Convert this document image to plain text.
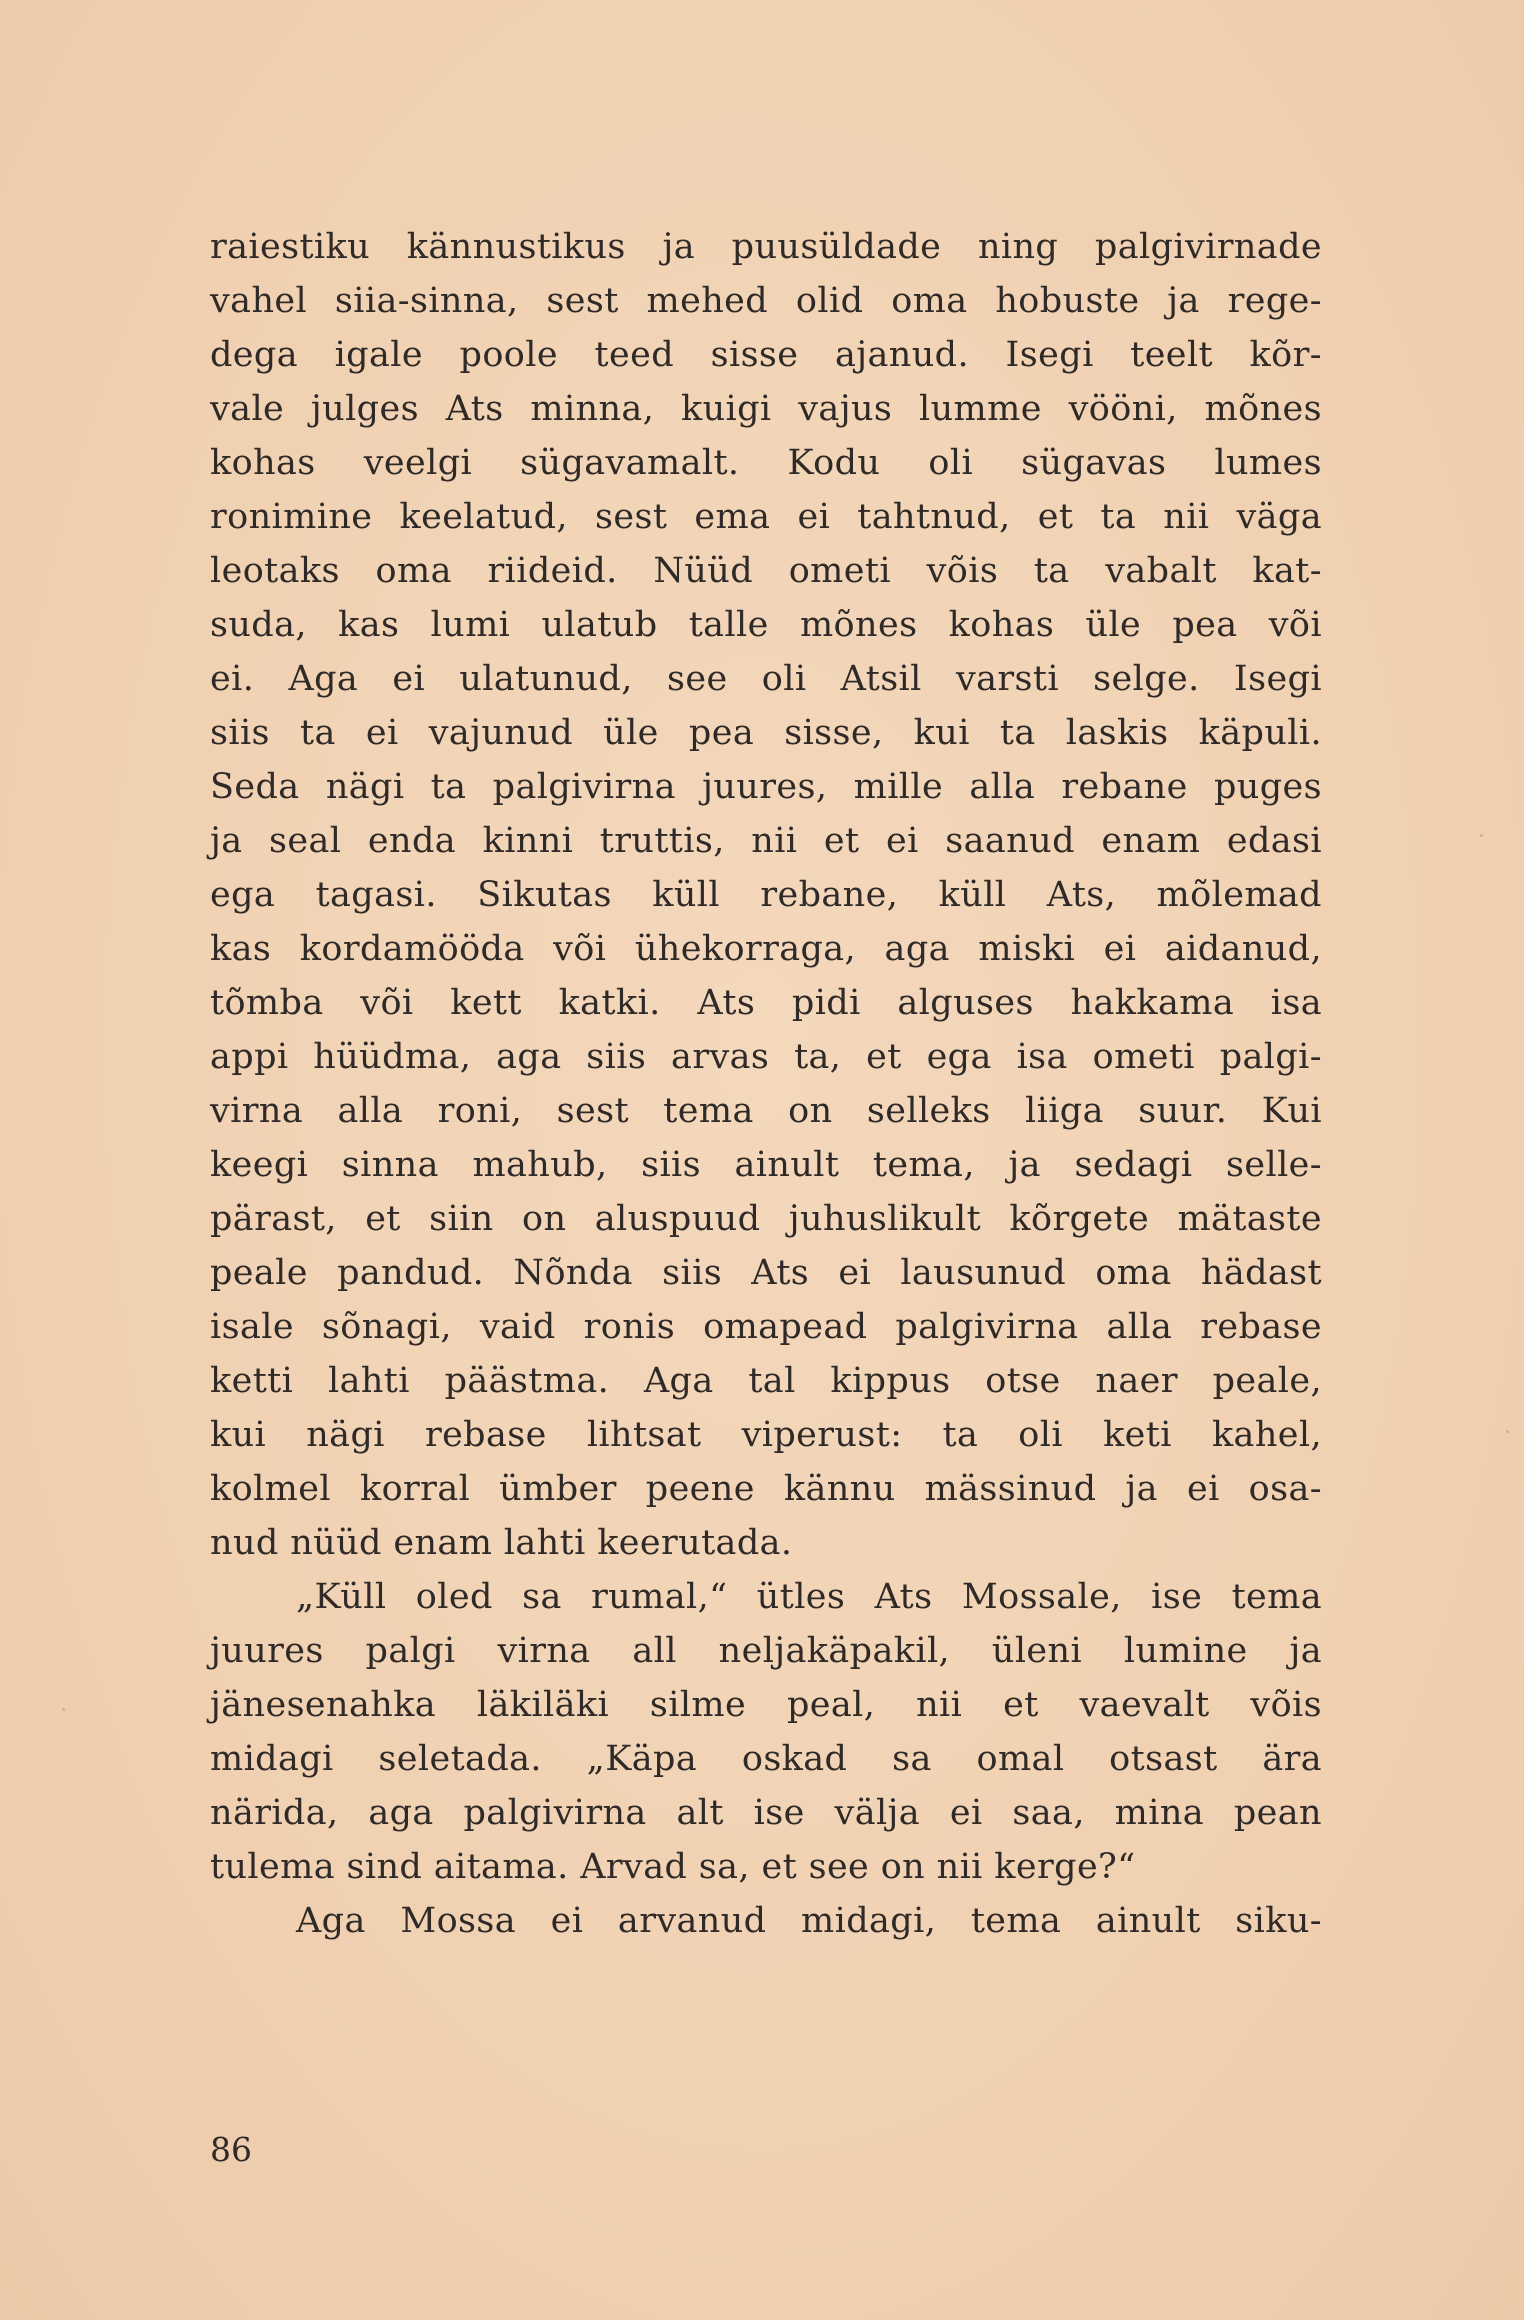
raiestiku kännustikus ja puusüldade ning palgivirnade
vahel siia-sinna, sest mehed olid oma hobuste ja rege-
dega igale poole teed sisse ajanud. Isegi teelt kõr-
vale julges Ats minna, kuigi vajus lumme vööni, mõnes
kohas veelgi sügavamalt. Kodu oli sügavas lumes
ronimine keelatud, sest ema ei tahtnud, et ta nii väga
leotaks oma riideid. Nüüd ometi võis ta vabalt kat-
suda, kas lumi ulatub talle mõnes kohas üle pea või
ei. Aga ei ulatunud, see oli Atsil varsti selge. Isegi
siis ta ei vajunud üle pea sisse, kui ta laskis käpuli.
Seda nägi ta palgivirna juures, mille alla rebane puges
ja seal enda kinni truttis, nii et ei saanud enam edasi
ega tagasi. Sikutas küll rebane, küll Ats, mõlemad
kas kordamööda või ühekorraga, aga miski ei aidanud,
tõmba või kett katki. Ats pidi alguses hakkama isa
appi hüüdma, aga siis arvas ta, et ega isa ometi palgi-
virna alla roni, sest tema on selleks liiga suur. Kui
keegi sinna mahub, siis ainult tema, ja sedagi selle-
pärast, et siin on aluspuud juhuslikult kõrgete mätaste
peale pandud. Nõnda siis Ats ei lausunud oma hädast
isale sõnagi, vaid ronis omapead palgivirna alla rebase
ketti lahti päästma. Aga tal kippus otse naer peale,
kui nägi rebase lihtsat viperust: ta oli keti kahel,
kolmel korral ümber peene kännu mässinud ja ei osa-
nud nüüd enam lahti keerutada.
„Küll oled sa rumal,“ ütles Ats Mossale, ise tema
juures palgi virna all neljakäpakil, üleni lumine ja
jänesenahka läkiläki silme peal, nii et vaevalt võis
midagi seletada. „Käpa oskad sa omal otsast ära
närida, aga palgivirna alt ise välja ei saa, mina pean
tulema sind aitama. Arvad sa, et see on nii kerge?“
Aga Mossa ei arvanud midagi, tema ainult siku-
86
